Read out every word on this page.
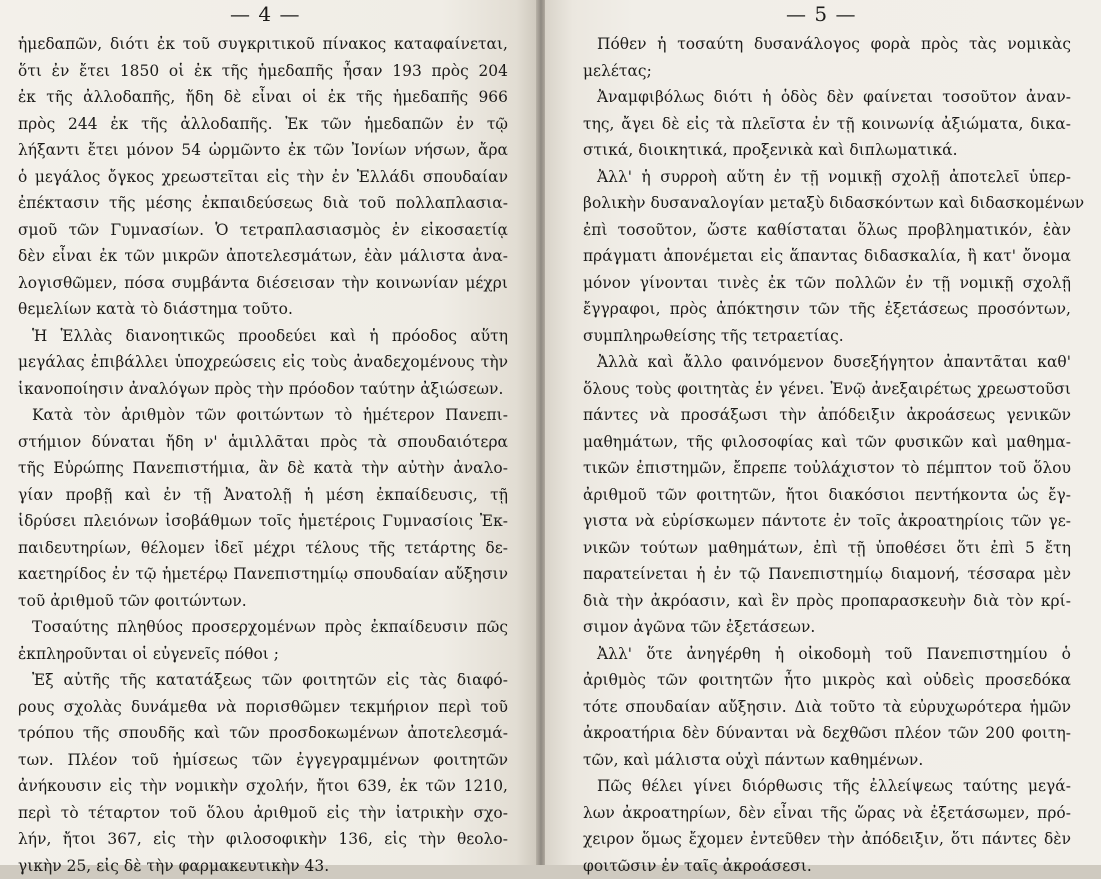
— 4 —
ἡμεδαπῶν, διότι ἐκ τοῦ συγκριτικοῦ πίνακος καταφαίνεται,
ὅτι ἐν ἔτει 1850 οἱ ἐκ τῆς ἡμεδαπῆς ἦσαν 193 πρὸς 204
ἐκ τῆς ἀλλοδαπῆς, ἤδη δὲ εἶναι οἱ ἐκ τῆς ἡμεδαπῆς 966
πρὸς 244 ἐκ τῆς ἀλλοδαπῆς. Ἐκ τῶν ἡμεδαπῶν ἐν τῷ
λήξαντι ἔτει μόνον 54 ὡρμῶντο ἐκ τῶν Ἰονίων νήσων, ἄρα
ὁ μεγάλος ὄγκος χρεωστεῖται εἰς τὴν ἐν Ἑλλάδι σπουδαίαν
ἐπέκτασιν τῆς μέσης ἐκπαιδεύσεως διὰ τοῦ πολλαπλασια-
σμοῦ τῶν Γυμνασίων. Ὁ τετραπλασιασμὸς ἐν εἰκοσαετίᾳ
δὲν εἶναι ἐκ τῶν μικρῶν ἀποτελεσμάτων, ἐὰν μάλιστα ἀνα-
λογισθῶμεν, πόσα συμβάντα διέσεισαν τὴν κοινωνίαν μέχρι
θεμελίων κατὰ τὸ διάστημα τοῦτο.
Ἡ Ἑλλὰς διανοητικῶς προοδεύει καὶ ἡ πρόοδος αὕτη
μεγάλας ἐπιβάλλει ὑποχρεώσεις εἰς τοὺς ἀναδεχομένους τὴν
ἱκανοποίησιν ἀναλόγων πρὸς τὴν πρόοδον ταύτην ἀξιώσεων.
Κατὰ τὸν ἀριθμὸν τῶν φοιτώντων τὸ ἡμέτερον Πανεπι-
στήμιον δύναται ἤδη ν' ἁμιλλᾶται πρὸς τὰ σπουδαιότερα
τῆς Εὐρώπης Πανεπιστήμια, ἂν δὲ κατὰ τὴν αὐτὴν ἀναλο-
γίαν προβῇ καὶ ἐν τῇ Ἀνατολῇ ἡ μέση ἐκπαίδευσις, τῇ
ἱδρύσει πλειόνων ἰσοβάθμων τοῖς ἡμετέροις Γυμνασίοις Ἐκ-
παιδευτηρίων, θέλομεν ἰδεῖ μέχρι τέλους τῆς τετάρτης δε-
καετηρίδος ἐν τῷ ἡμετέρῳ Πανεπιστημίῳ σπουδαίαν αὔξησιν
τοῦ ἀριθμοῦ τῶν φοιτώντων.
Τοσαύτης πληθύος προσερχομένων πρὸς ἐκπαίδευσιν πῶς
ἐκπληροῦνται οἱ εὐγενεῖς πόθοι ;
Ἐξ αὐτῆς τῆς κατατάξεως τῶν φοιτητῶν εἰς τὰς διαφό-
ρους σχολὰς δυνάμεθα νὰ πορισθῶμεν τεκμήριον περὶ τοῦ
τρόπου τῆς σπουδῆς καὶ τῶν προσδοκωμένων ἀποτελεσμά-
των. Πλέον τοῦ ἡμίσεως τῶν ἐγγεγραμμένων φοιτητῶν
ἀνήκουσιν εἰς τὴν νομικὴν σχολήν, ἤτοι 639, ἐκ τῶν 1210,
περὶ τὸ τέταρτον τοῦ ὅλου ἀριθμοῦ εἰς τὴν ἰατρικὴν σχο-
λήν, ἤτοι 367, εἰς τὴν φιλοσοφικὴν 136, εἰς τὴν θεολο-
γικὴν 25, εἰς δὲ τὴν φαρμακευτικὴν 43.
— 5 —
Πόθεν ἡ τοσαύτη δυσανάλογος φορὰ πρὸς τὰς νομικὰς
μελέτας;
Ἀναμφιβόλως διότι ἡ ὁδὸς δὲν φαίνεται τοσοῦτον ἀναν-
της, ἄγει δὲ εἰς τὰ πλεῖστα ἐν τῇ κοινωνίᾳ ἀξιώματα, δικα-
στικά, διοικητικά, προξενικὰ καὶ διπλωματικά.
Ἀλλ' ἡ συρροὴ αὕτη ἐν τῇ νομικῇ σχολῇ ἀποτελεῖ ὑπερ-
βολικὴν δυσαναλογίαν μεταξὺ διδασκόντων καὶ διδασκομένων
ἐπὶ τοσοῦτον, ὥστε καθίσταται ὅλως προβληματικόν, ἐὰν
πράγματι ἀπονέμεται εἰς ἅπαντας διδασκαλία, ἢ κατ' ὄνομα
μόνον γίνονται τινὲς ἐκ τῶν πολλῶν ἐν τῇ νομικῇ σχολῇ
ἔγγραφοι, πρὸς ἀπόκτησιν τῶν τῆς ἐξετάσεως προσόντων,
συμπληρωθείσης τῆς τετραετίας.
Ἀλλὰ καὶ ἄλλο φαινόμενον δυσεξήγητον ἀπαντᾶται καθ'
ὅλους τοὺς φοιτητὰς ἐν γένει. Ἐνῷ ἀνεξαιρέτως χρεωστοῦσι
πάντες νὰ προσάξωσι τὴν ἀπόδειξιν ἀκροάσεως γενικῶν
μαθημάτων, τῆς φιλοσοφίας καὶ τῶν φυσικῶν καὶ μαθημα-
τικῶν ἐπιστημῶν, ἔπρεπε τοὐλάχιστον τὸ πέμπτον τοῦ ὅλου
ἀριθμοῦ τῶν φοιτητῶν, ἤτοι διακόσιοι πεντήκοντα ὡς ἔγ-
γιστα νὰ εὑρίσκωμεν πάντοτε ἐν τοῖς ἀκροατηρίοις τῶν γε-
νικῶν τούτων μαθημάτων, ἐπὶ τῇ ὑποθέσει ὅτι ἐπὶ 5 ἔτη
παρατείνεται ἡ ἐν τῷ Πανεπιστημίῳ διαμονή, τέσσαρα μὲν
διὰ τὴν ἀκρόασιν, καὶ ἓν πρὸς προπαρασκευὴν διὰ τὸν κρί-
σιμον ἀγῶνα τῶν ἐξετάσεων.
Ἀλλ' ὅτε ἀνηγέρθη ἡ οἰκοδομὴ τοῦ Πανεπιστημίου ὁ
ἀριθμὸς τῶν φοιτητῶν ἦτο μικρὸς καὶ οὐδεὶς προσεδόκα
τότε σπουδαίαν αὔξησιν. Διὰ τοῦτο τὰ εὐρυχωρότερα ἡμῶν
ἀκροατήρια δὲν δύνανται νὰ δεχθῶσι πλέον τῶν 200 φοιτη-
τῶν, καὶ μάλιστα οὐχὶ πάντων καθημένων.
Πῶς θέλει γίνει διόρθωσις τῆς ἐλλείψεως ταύτης μεγά-
λων ἀκροατηρίων, δὲν εἶναι τῆς ὥρας νὰ ἐξετάσωμεν, πρό-
χειρον ὅμως ἔχομεν ἐντεῦθεν τὴν ἀπόδειξιν, ὅτι πάντες δὲν
φοιτῶσιν ἐν ταῖς ἀκροάσεσι.
